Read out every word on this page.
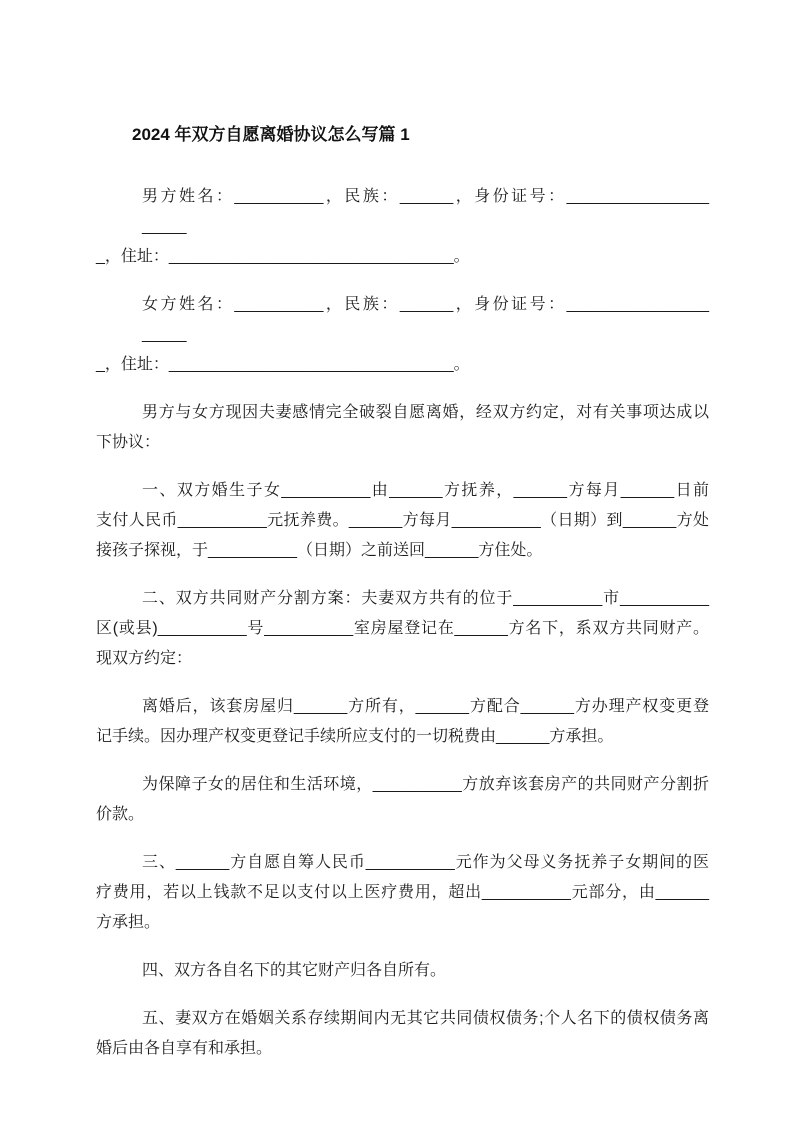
2024 年双方自愿离婚协议怎么写篇 1
男方姓名：__________，民族：______，身份证号：________________ _____
_，住址：________________________________。
女方姓名：__________，民族：______，身份证号：________________ _____
_，住址：________________________________。
男方与女方现因夫妻感情完全破裂自愿离婚，经双方约定，对有关事项达成以
下协议：
一、双方婚生子女__________由______方抚养，______方每月______日前
支付人民币__________元抚养费。______方每月__________（日期）到______方处
接孩子探视，于__________（日期）之前送回______方住处。
二、双方共同财产分割方案：夫妻双方共有的位于__________市__________
区(或县)__________号__________室房屋登记在______方名下，系双方共同财产。
现双方约定：
离婚后，该套房屋归______方所有，______方配合______方办理产权变更登
记手续。因办理产权变更登记手续所应支付的一切税费由______方承担。
为保障子女的居住和生活环境，__________方放弃该套房产的共同财产分割折
价款。
三、______方自愿自筹人民币__________元作为父母义务抚养子女期间的医
疗费用，若以上钱款不足以支付以上医疗费用，超出__________元部分，由______
方承担。
四、双方各自名下的其它财产归各自所有。
五、妻双方在婚姻关系存续期间内无其它共同债权债务;个人名下的债权债务离
婚后由各自享有和承担。
